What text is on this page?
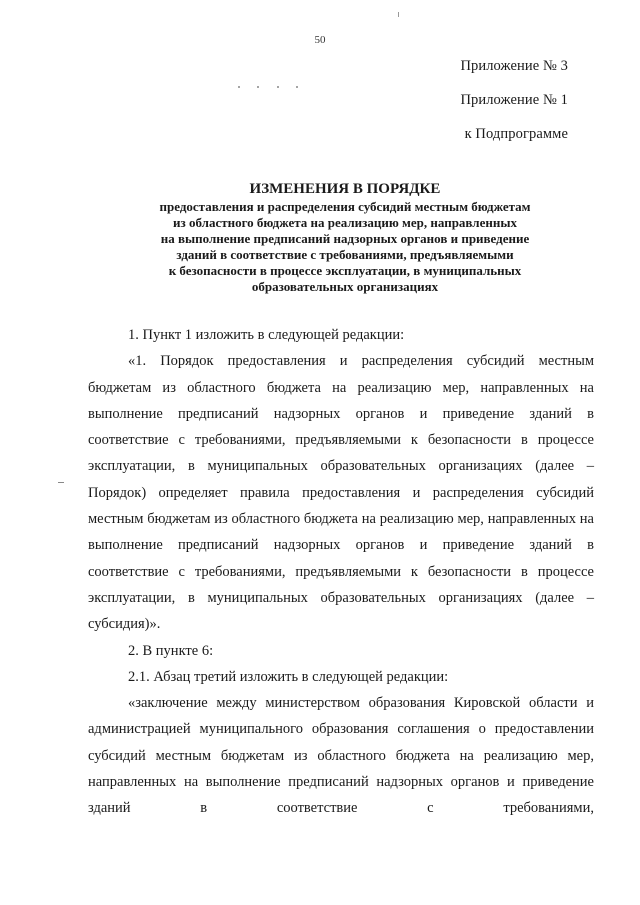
50
Приложение № 3
Приложение № 1
к Подпрограмме
ИЗМЕНЕНИЯ В ПОРЯДКЕ
предоставления и распределения субсидий местным бюджетам
из областного бюджета на реализацию мер, направленных
на выполнение предписаний надзорных органов и приведение
зданий в соответствие с требованиями, предъявляемыми
к безопасности в процессе эксплуатации, в муниципальных
образовательных организациях

1. Пункт 1 изложить в следующей редакции:

«1. Порядок предоставления и распределения субсидий местным бюджетам из областного бюджета на реализацию мер, направленных на выполнение предписаний надзорных органов и приведение зданий в соответствие с требованиями, предъявляемыми к безопасности в процессе эксплуатации, в муниципальных образовательных организациях (далее – Порядок) определяет правила предоставления и распределения субсидий местным бюджетам из областного бюджета на реализацию мер, направленных на выполнение предписаний надзорных органов и приведение зданий в соответствие с требованиями, предъявляемыми к безопасности в процессе эксплуатации, в муниципальных образовательных организациях (далее – субсидия)».

2. В пункте 6:

2.1. Абзац третий изложить в следующей редакции:

«заключение между министерством образования Кировской области и администрацией муниципального образования соглашения о предоставлении субсидий местным бюджетам из областного бюджета на реализацию мер, направленных на выполнение предписаний надзорных органов и приведение зданий в соответствие с требованиями,
